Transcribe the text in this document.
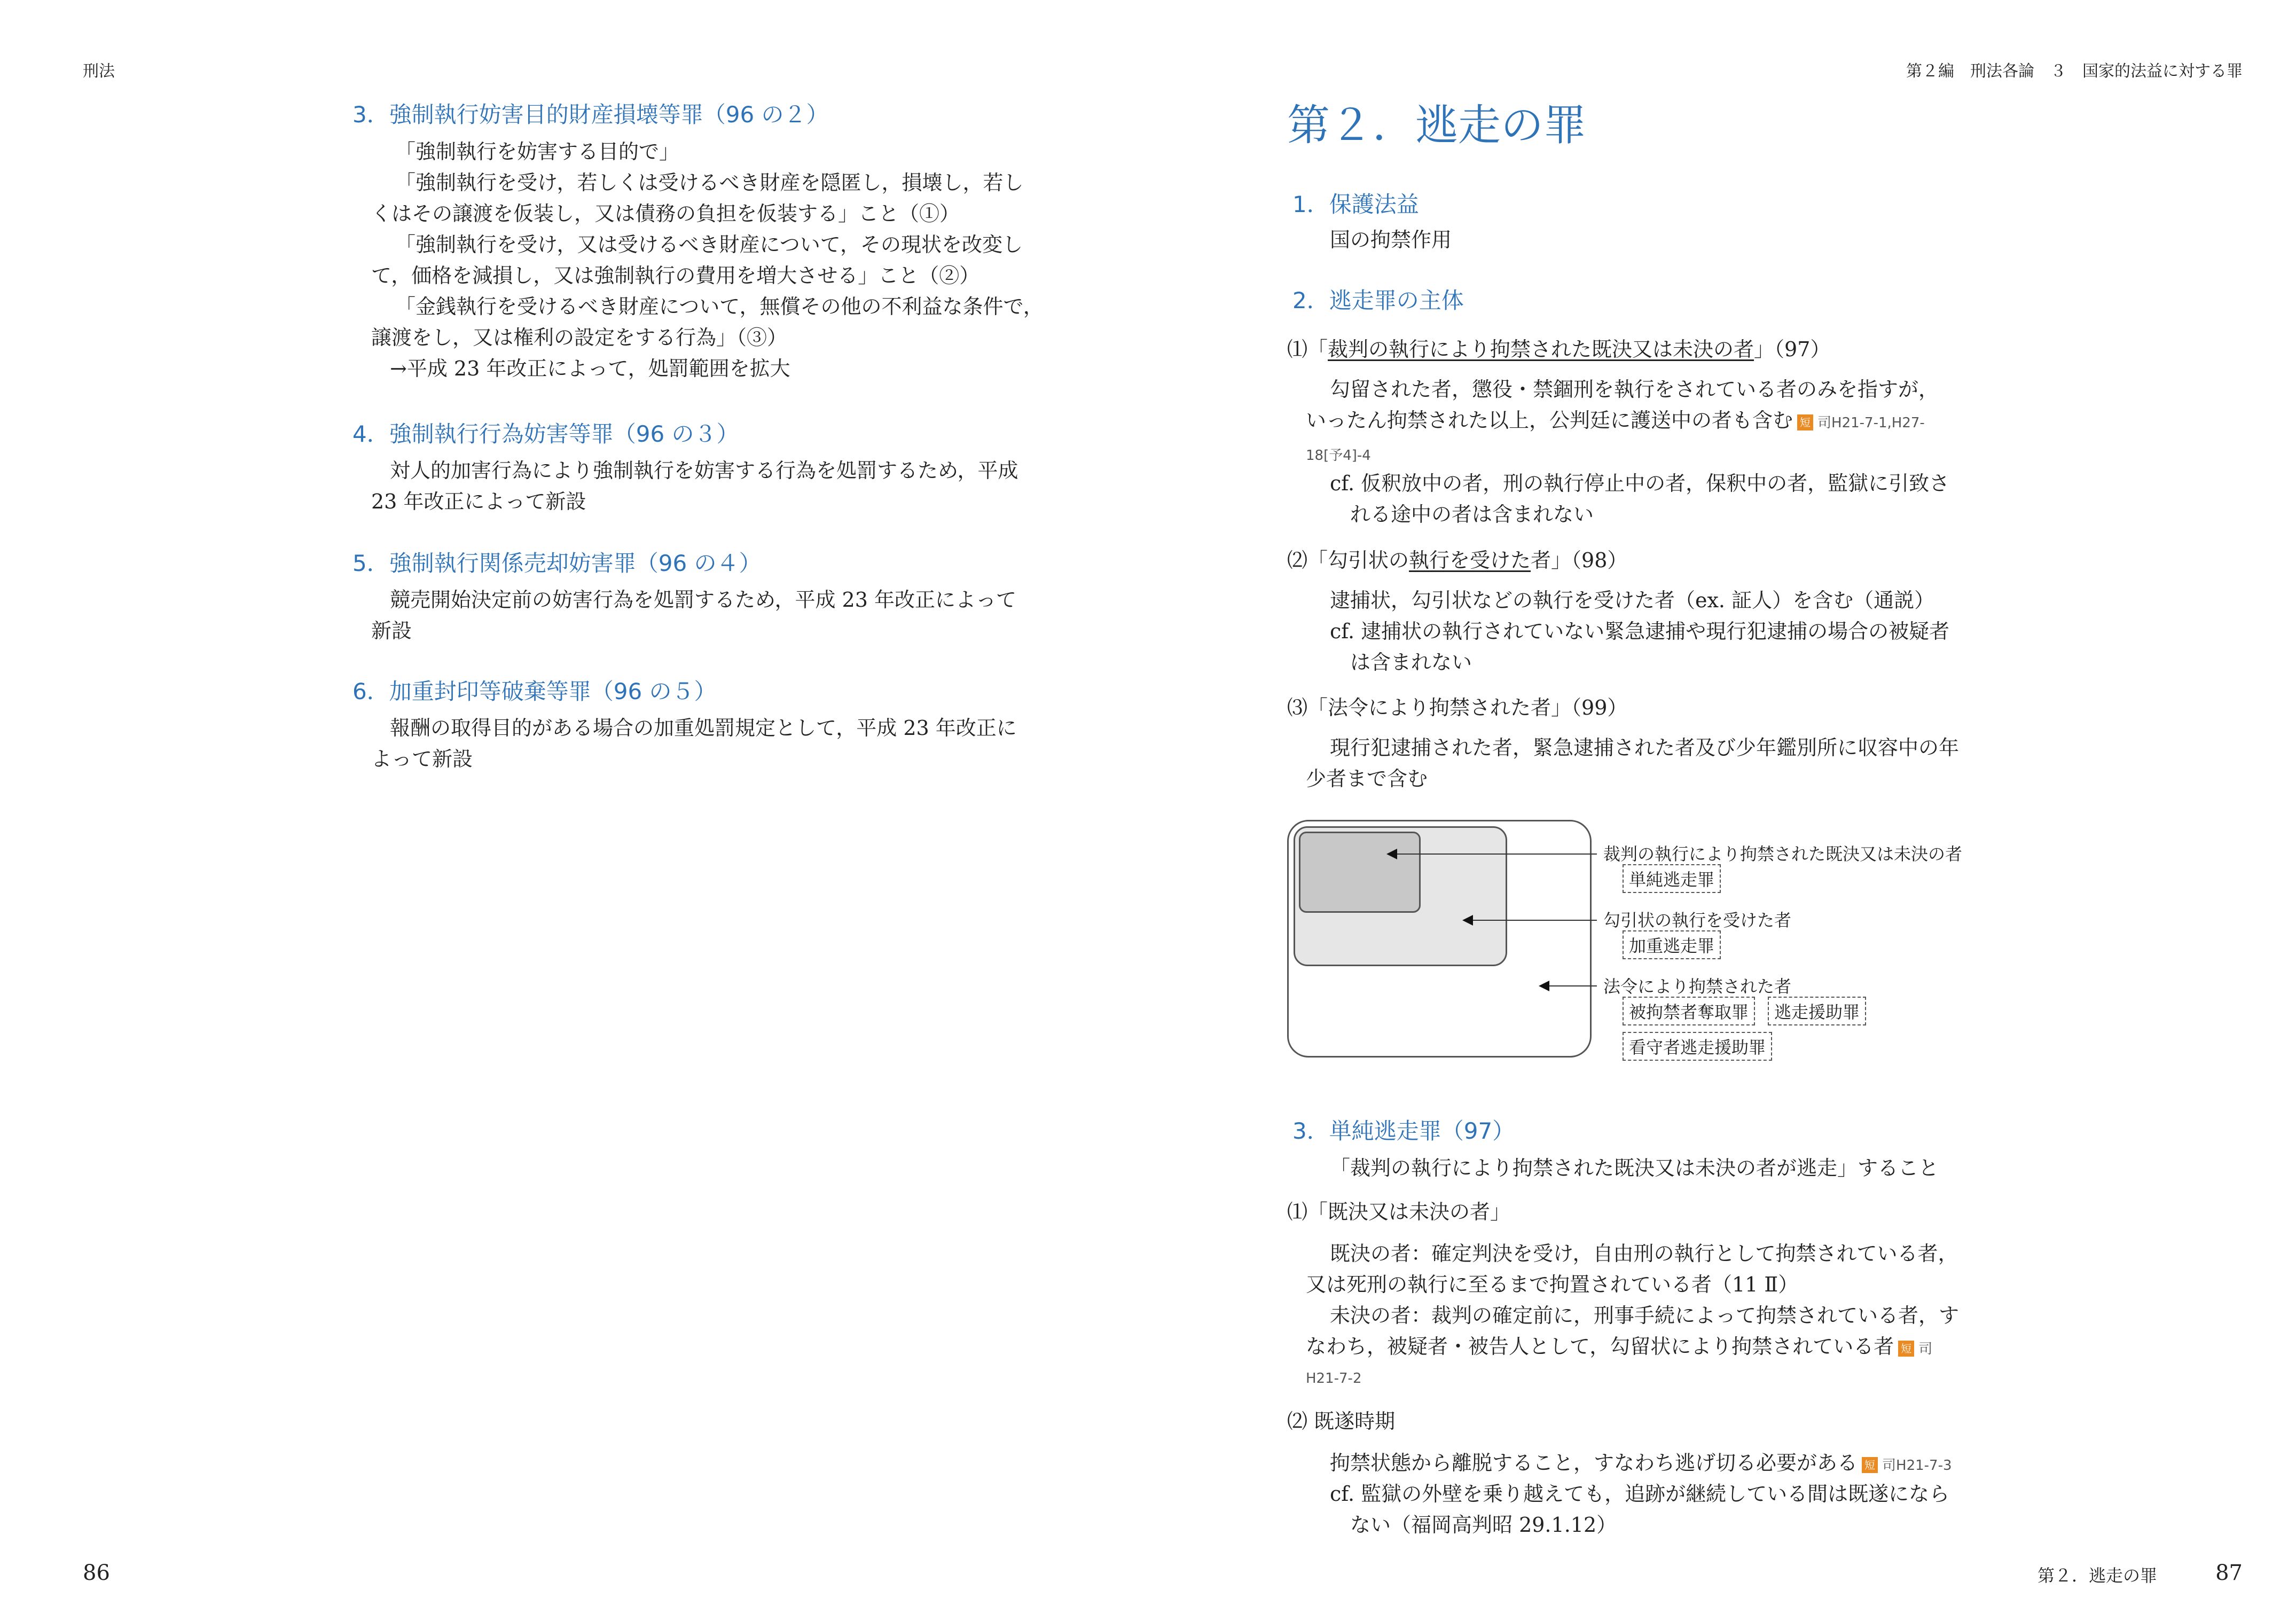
刑法	第２編　刑法各論　３　国家的法益に対する罪
3．強制執行妨害目的財産損壊等罪（96 の２）
「強制執行を妨害する目的で」
「強制執行を受け，若しくは受けるべき財産を隠匿し，損壊し，若し
くはその譲渡を仮装し，又は債務の負担を仮装する」こと（①）
「強制執行を受け，又は受けるべき財産について，その現状を改変し
て，価格を減損し，又は強制執行の費用を増大させる」こと（②）
「金銭執行を受けるべき財産について，無償その他の不利益な条件で，
譲渡をし，又は権利の設定をする行為」（③）
→平成 23 年改正によって，処罰範囲を拡大
4．強制執行行為妨害等罪（96 の３）
対人的加害行為により強制執行を妨害する行為を処罰するため，平成
23 年改正によって新設
5．強制執行関係売却妨害罪（96 の４）
競売開始決定前の妨害行為を処罰するため，平成 23 年改正によって
新設
6．加重封印等破棄等罪（96 の５）
報酬の取得目的がある場合の加重処罰規定として，平成 23 年改正に
よって新設
第２．逃走の罪
1．保護法益
国の拘禁作用
2．逃走罪の主体
⑴「裁判の執行により拘禁された既決又は未決の者」（97）
勾留された者，懲役・禁錮刑を執行をされている者のみを指すが，
いったん拘禁された以上，公判廷に護送中の者も含む 短 司H21-7-1,H27-
18[予4]-4
cf. 仮釈放中の者，刑の執行停止中の者，保釈中の者，監獄に引致さ
れる途中の者は含まれない
⑵「勾引状の執行を受けた者」（98）
逮捕状，勾引状などの執行を受けた者（ex. 証人）を含む（通説）
cf. 逮捕状の執行されていない緊急逮捕や現行犯逮捕の場合の被疑者
は含まれない
⑶「法令により拘禁された者」（99）
現行犯逮捕された者，緊急逮捕された者及び少年鑑別所に収容中の年
少者まで含む
裁判の執行により拘禁された既決又は未決の者
単純逃走罪
勾引状の執行を受けた者
加重逃走罪
法令により拘禁された者
被拘禁者奪取罪	逃走援助罪
看守者逃走援助罪
3．単純逃走罪（97）
「裁判の執行により拘禁された既決又は未決の者が逃走」すること
⑴「既決又は未決の者」
既決の者：確定判決を受け，自由刑の執行として拘禁されている者，
又は死刑の執行に至るまで拘置されている者（11 Ⅱ）
未決の者：裁判の確定前に，刑事手続によって拘禁されている者，す
なわち，被疑者・被告人として，勾留状により拘禁されている者 短 司
H21-7-2
⑵ 既遂時期
拘禁状態から離脱すること，すなわち逃げ切る必要がある 短 司H21-7-3
cf. 監獄の外壁を乗り越えても，追跡が継続している間は既遂になら
ない（福岡高判昭 29.1.12）
86	第２．逃走の罪	87
